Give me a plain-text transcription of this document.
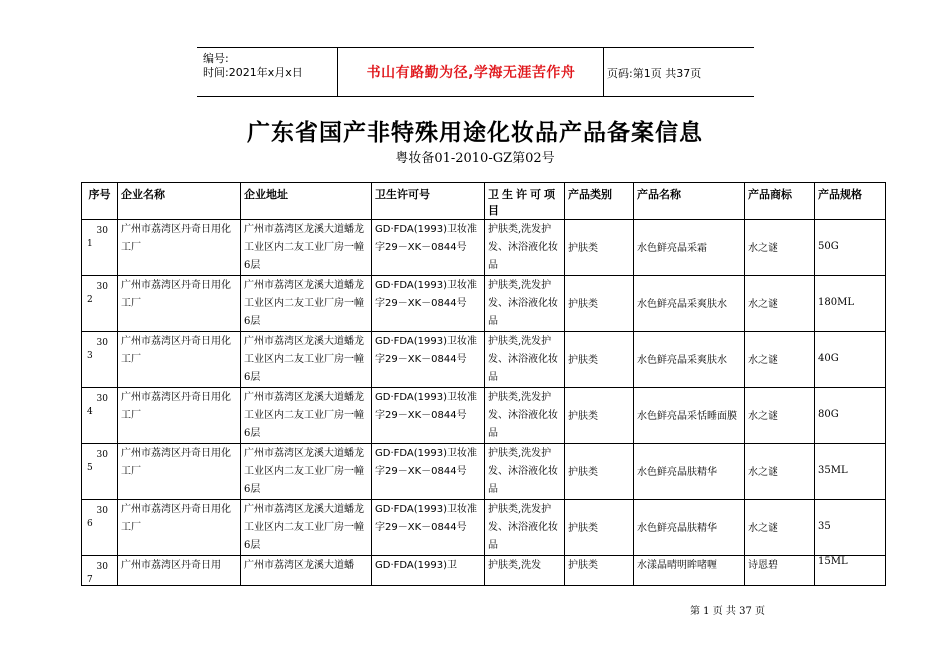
编号:
时间:2021年x月x日	书山有路勤为径,学海无涯苦作舟	页码:第1页 共37页
广东省国产非特殊用途化妆品产品备案信息
粤妆备01-2010-GZ第02号
序号	企业名称	企业地址	卫生许可号	卫生许可项目	产品类别	产品名称	产品商标	产品规格

30
1	广州市荔湾区丹奇日用化工厂	广州市荔湾区龙溪大道蟠龙工业区内二友工业厂房一幢6层	GD·FDA(1993)卫妆准字29－XK－0844号	护肤类,洗发护发、沐浴液化妆品	护肤类	水色鲜亮晶采霜	水之谜	50G

30
2	广州市荔湾区丹奇日用化工厂	广州市荔湾区龙溪大道蟠龙工业区内二友工业厂房一幢6层	GD·FDA(1993)卫妆准字29－XK－0844号	护肤类,洗发护发、沐浴液化妆品	护肤类	水色鲜亮晶采爽肤水	水之谜	180ML

30
3	广州市荔湾区丹奇日用化工厂	广州市荔湾区龙溪大道蟠龙工业区内二友工业厂房一幢6层	GD·FDA(1993)卫妆准字29－XK－0844号	护肤类,洗发护发、沐浴液化妆品	护肤类	水色鲜亮晶采爽肤水	水之谜	40G

30
4	广州市荔湾区丹奇日用化工厂	广州市荔湾区龙溪大道蟠龙工业区内二友工业厂房一幢6层	GD·FDA(1993)卫妆准字29－XK－0844号	护肤类,洗发护发、沐浴液化妆品	护肤类	水色鲜亮晶采恬睡面膜	水之谜	80G

30
5	广州市荔湾区丹奇日用化工厂	广州市荔湾区龙溪大道蟠龙工业区内二友工业厂房一幢6层	GD·FDA(1993)卫妆准字29－XK－0844号	护肤类,洗发护发、沐浴液化妆品	护肤类	水色鲜亮晶肤精华	水之谜	35ML

30
6	广州市荔湾区丹奇日用化工厂	广州市荔湾区龙溪大道蟠龙工业区内二友工业厂房一幢6层	GD·FDA(1993)卫妆准字29－XK－0844号	护肤类,洗发护发、沐浴液化妆品	护肤类	水色鲜亮晶肤精华	水之谜	35

30
7	广州市荔湾区丹奇日用	广州市荔湾区龙溪大道蟠	GD·FDA(1993)卫	护肤类,洗发	护肤类	水漾晶晴明眸啫喱	诗恩碧	15ML
第 1 页 共 37 页
